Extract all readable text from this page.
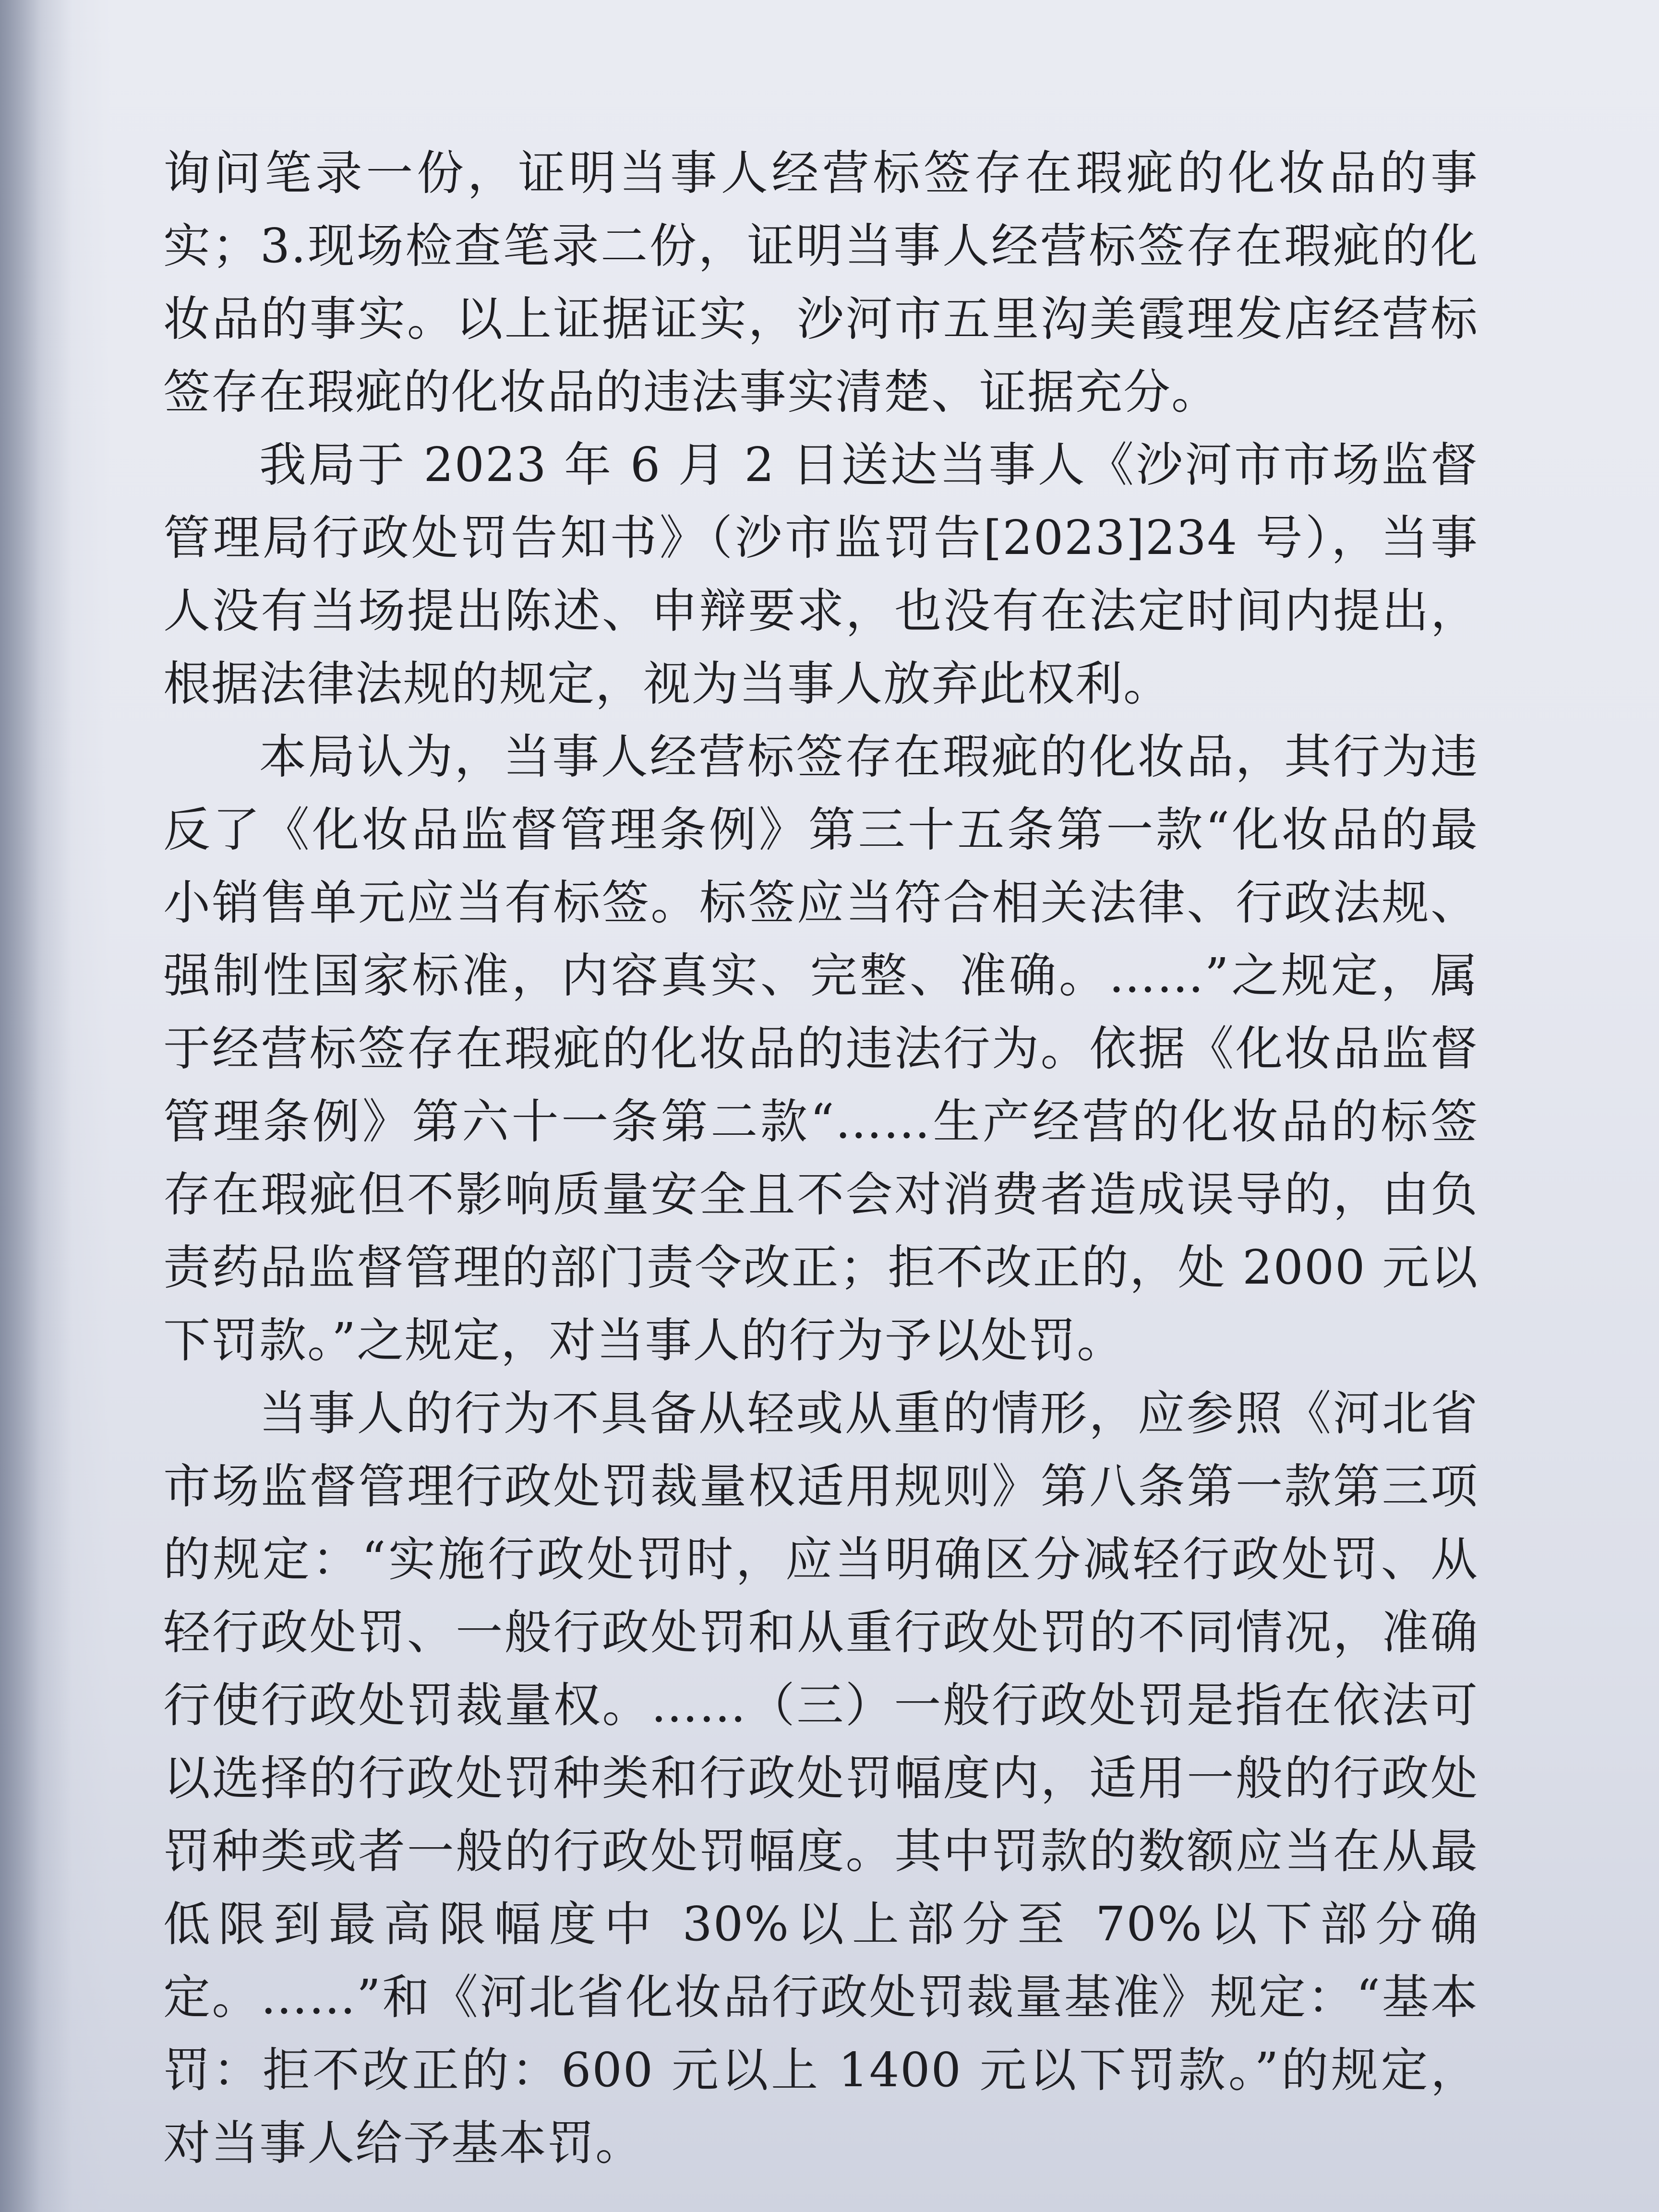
询问笔录一份，证明当事人经营标签存在瑕疵的化妆品的事实；3.现场检查笔录二份，证明当事人经营标签存在瑕疵的化妆品的事实。以上证据证实，沙河市五里沟美霞理发店经营标签存在瑕疵的化妆品的违法事实清楚、证据充分。

我局于 2023 年 6 月 2 日送达当事人《沙河市市场监督管理局行政处罚告知书》（沙市监罚告[2023]234 号），当事人没有当场提出陈述、申辩要求，也没有在法定时间内提出，根据法律法规的规定，视为当事人放弃此权利。

本局认为，当事人经营标签存在瑕疵的化妆品，其行为违反了《化妆品监督管理条例》第三十五条第一款“化妆品的最小销售单元应当有标签。标签应当符合相关法律、行政法规、强制性国家标准，内容真实、完整、准确。……”之规定，属于经营标签存在瑕疵的化妆品的违法行为。依据《化妆品监督管理条例》第六十一条第二款“……生产经营的化妆品的标签存在瑕疵但不影响质量安全且不会对消费者造成误导的，由负责药品监督管理的部门责令改正；拒不改正的，处 2000 元以下罚款。”之规定，对当事人的行为予以处罚。

当事人的行为不具备从轻或从重的情形，应参照《河北省市场监督管理行政处罚裁量权适用规则》第八条第一款第三项的规定：“实施行政处罚时，应当明确区分减轻行政处罚、从轻行政处罚、一般行政处罚和从重行政处罚的不同情况，准确行使行政处罚裁量权。……（三）一般行政处罚是指在依法可以选择的行政处罚种类和行政处罚幅度内，适用一般的行政处罚种类或者一般的行政处罚幅度。其中罚款的数额应当在从最低限到最高限幅度中 30%以上部分至 70%以下部分确定。……”和《河北省化妆品行政处罚裁量基准》规定：“基本罚：拒不改正的：600 元以上 1400 元以下罚款。”的规定，对当事人给予基本罚。
